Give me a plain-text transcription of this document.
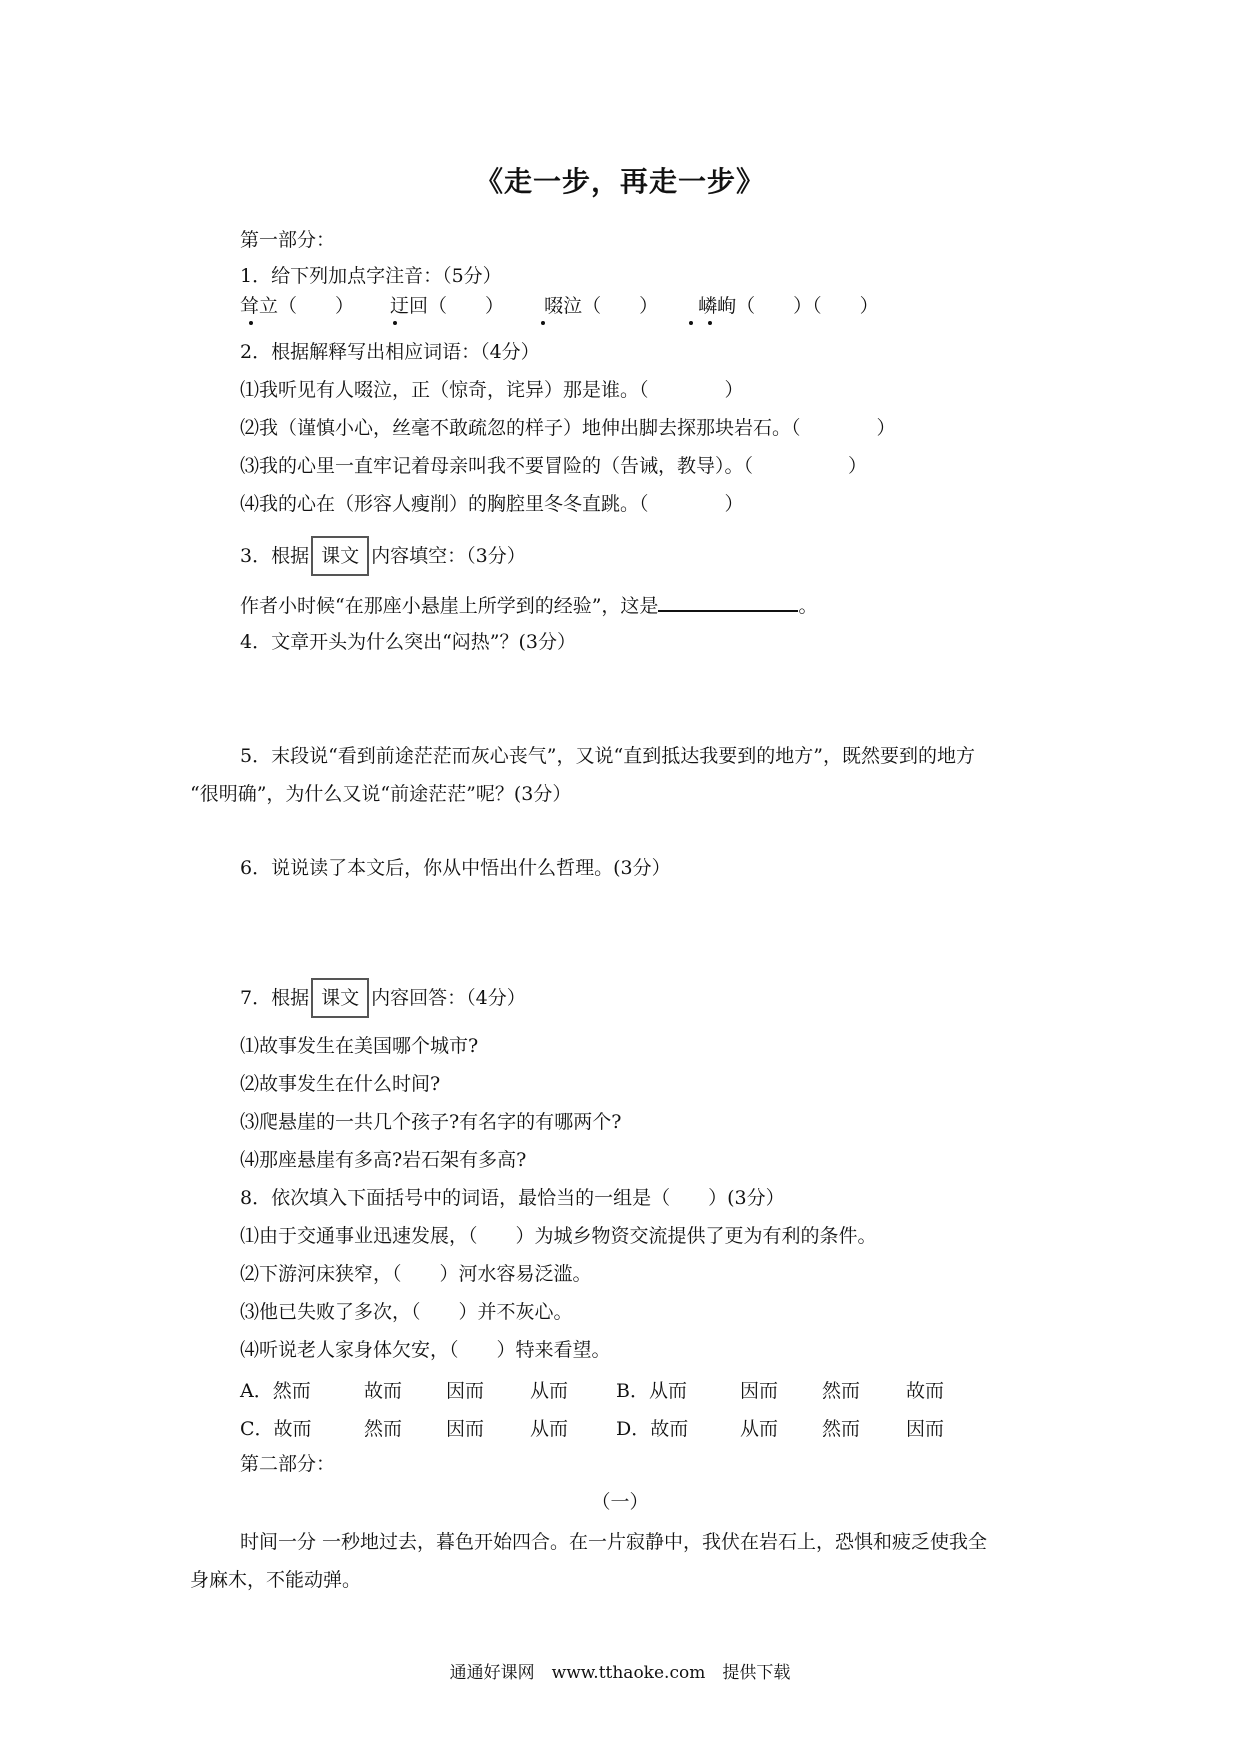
《走一步，再走一步》
第一部分：
1．给下列加点字注音：（5分）
耸立（　　） 迂回（　　） 啜泣（　　） 嶙峋（　　）（　　）
2．根据解释写出相应词语：（4分）
⑴我听见有人啜泣，正（惊奇，诧异）那是谁。（　　　　）
⑵我（谨慎小心，丝毫不敢疏忽的样子）地伸出脚去探那块岩石。（　　　　）
⑶我的心里一直牢记着母亲叫我不要冒险的（告诫，教导）。（　　　　　）
⑷我的心在（形容人瘦削）的胸腔里冬冬直跳。（　　　　）
3．根据 课文 内容填空：（3分）
作者小时候“在那座小悬崖上所学到的经验”，这是	。
4．文章开头为什么突出“闷热”？(3分）
5．末段说“看到前途茫茫而灰心丧气”，又说“直到抵达我要到的地方”，既然要到的地方
“很明确”，为什么又说“前途茫茫”呢？(3分）
6．说说读了本文后，你从中悟出什么哲理。(3分）
7．根据 课文 内容回答：（4分）
⑴故事发生在美国哪个城市?
⑵故事发生在什么时间?
⑶爬悬崖的一共几个孩子?有名字的有哪两个?
⑷那座悬崖有多高?岩石架有多高?
8．依次填入下面括号中的词语，最恰当的一组是（　　）(3分）
⑴由于交通事业迅速发展，（　　）为城乡物资交流提供了更为有利的条件。
⑵下游河床狭窄，（　　）河水容易泛滥。
⑶他已失败了多次，（　　）并不灰心。
⑷听说老人家身体欠安，（　　）特来看望。
A．然而	故而 因而 从而	B．从而	因而 然而 故而
C．故而	然而 因而 从而	D．故而	从而 然而 因而
第二部分：
（一）
时间一分 一秒地过去，暮色开始四合。在一片寂静中，我伏在岩石上，恐惧和疲乏使我全
身麻木，不能动弹。
通通好课网　www.tthaoke.com　提供下载
